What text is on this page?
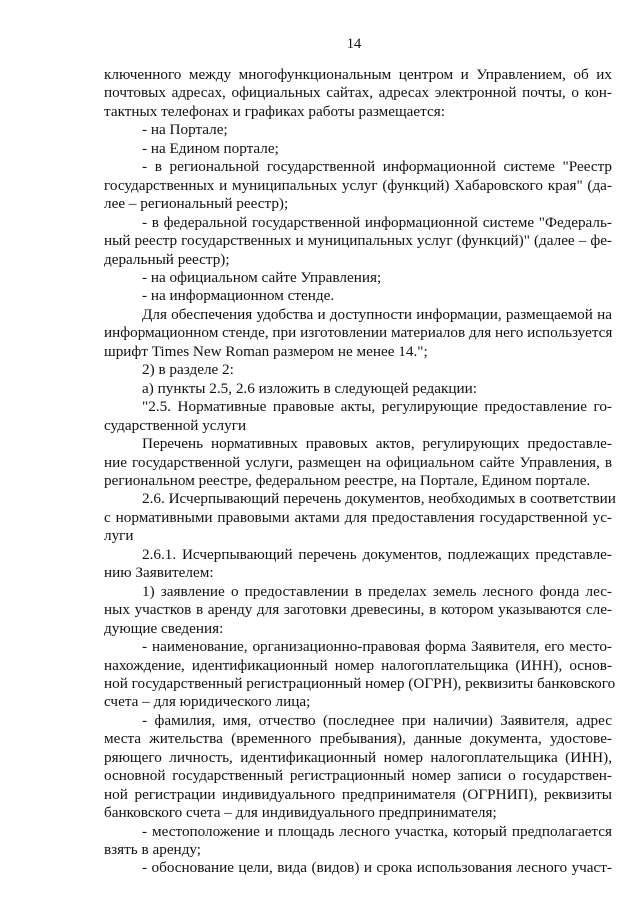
14
ключенного между многофункциональным центром и Управлением, об их
почтовых адресах, официальных сайтах, адресах электронной почты, о кон-
тактных телефонах и графиках работы размещается:
- на Портале;
- на Едином портале;
- в региональной государственной информационной системе "Реестр
государственных и муниципальных услуг (функций) Хабаровского края" (да-
лее – региональный реестр);
- в федеральной государственной информационной системе "Федераль-
ный реестр государственных и муниципальных услуг (функций)" (далее – фе-
деральный реестр);
- на официальном сайте Управления;
- на информационном стенде.
Для обеспечения удобства и доступности информации, размещаемой на
информационном стенде, при изготовлении материалов для него используется
шрифт Times New Roman размером не менее 14.";
2) в разделе 2:
а) пункты 2.5, 2.6 изложить в следующей редакции:
"2.5. Нормативные правовые акты, регулирующие предоставление го-
сударственной услуги
Перечень нормативных правовых актов, регулирующих предоставле-
ние государственной услуги, размещен на официальном сайте Управления, в
региональном реестре, федеральном реестре, на Портале, Едином портале.
2.6. Исчерпывающий перечень документов, необходимых в соответствии
с нормативными правовыми актами для предоставления государственной ус-
луги
2.6.1. Исчерпывающий перечень документов, подлежащих представле-
нию Заявителем:
1) заявление о предоставлении в пределах земель лесного фонда лес-
ных участков в аренду для заготовки древесины, в котором указываются сле-
дующие сведения:
- наименование, организационно-правовая форма Заявителя, его место-
нахождение, идентификационный номер налогоплательщика (ИНН), основ-
ной государственный регистрационный номер (ОГРН), реквизиты банковского
счета – для юридического лица;
- фамилия, имя, отчество (последнее при наличии) Заявителя, адрес
места жительства (временного пребывания), данные документа, удостове-
ряющего личность, идентификационный номер налогоплательщика (ИНН),
основной государственный регистрационный номер записи о государствен-
ной регистрации индивидуального предпринимателя (ОГРНИП), реквизиты
банковского счета – для индивидуального предпринимателя;
- местоположение и площадь лесного участка, который предполагается
взять в аренду;
- обоснование цели, вида (видов) и срока использования лесного участ-
